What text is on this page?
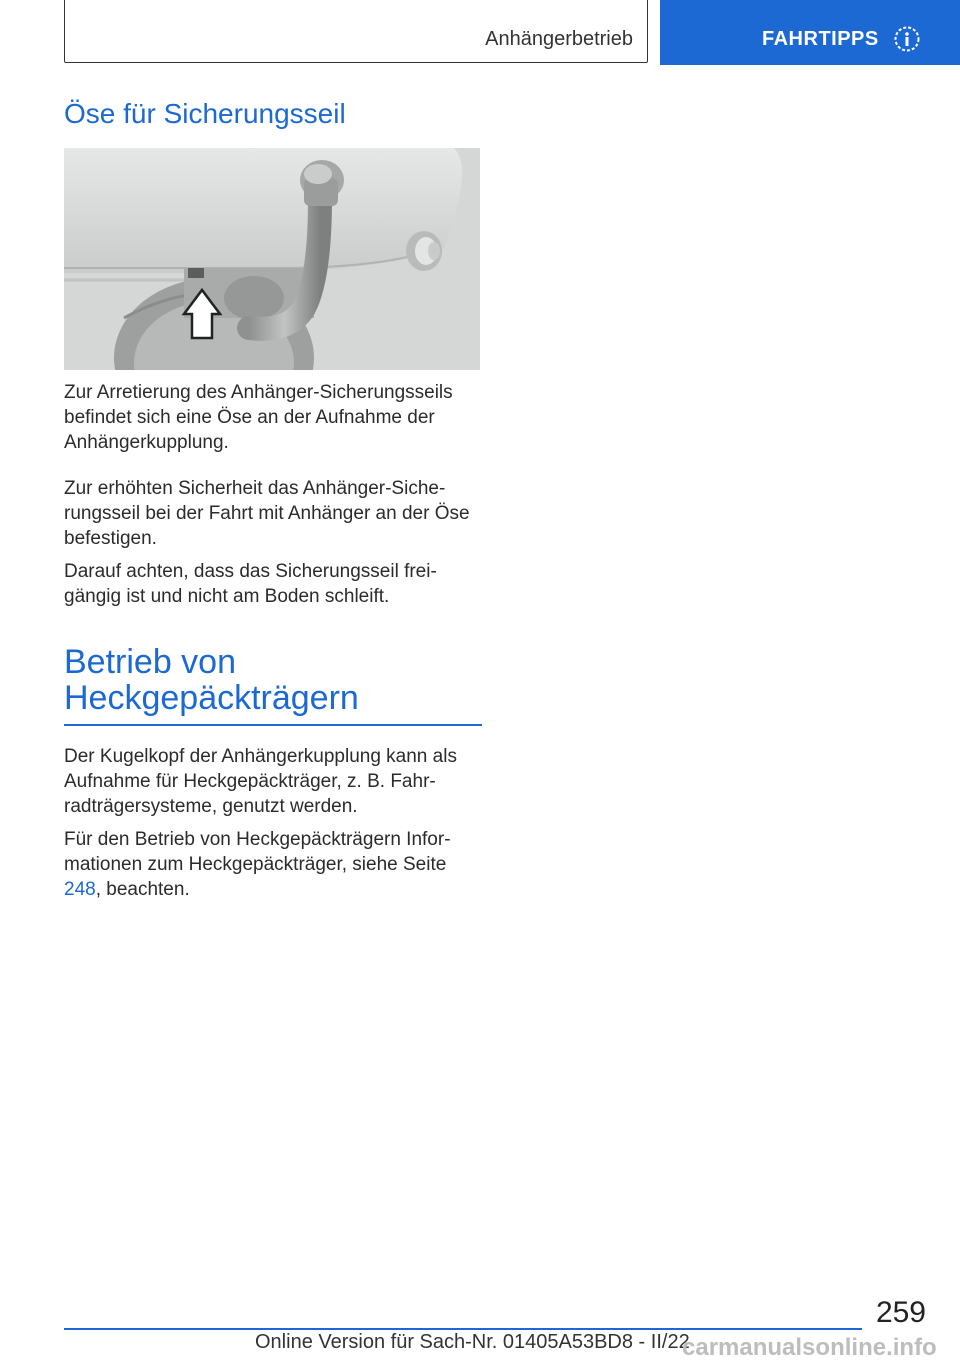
Anhängerbetrieb	FAHRTIPPS
Öse für Sicherungsseil

Zur Arretierung des Anhänger-Sicherungsseils befindet sich eine Öse an der Aufnahme der Anhängerkupplung.

Zur erhöhten Sicherheit das Anhänger-Siche- rungsseil bei der Fahrt mit Anhänger an der Öse befestigen.

Darauf achten, dass das Sicherungsseil frei- gängig ist und nicht am Boden schleift.

Betrieb von Heckgepäckträgern

Der Kugelkopf der Anhängerkupplung kann als Aufnahme für Heckgepäckträger, z. B. Fahr- radträgersysteme, genutzt werden.

Für den Betrieb von Heckgepäckträgern Infor- mationen zum Heckgepäckträger, siehe Seite 248, beachten.

259
Online Version für Sach-Nr. 01405A53BD8 - II/22
carmanualsonline.info
